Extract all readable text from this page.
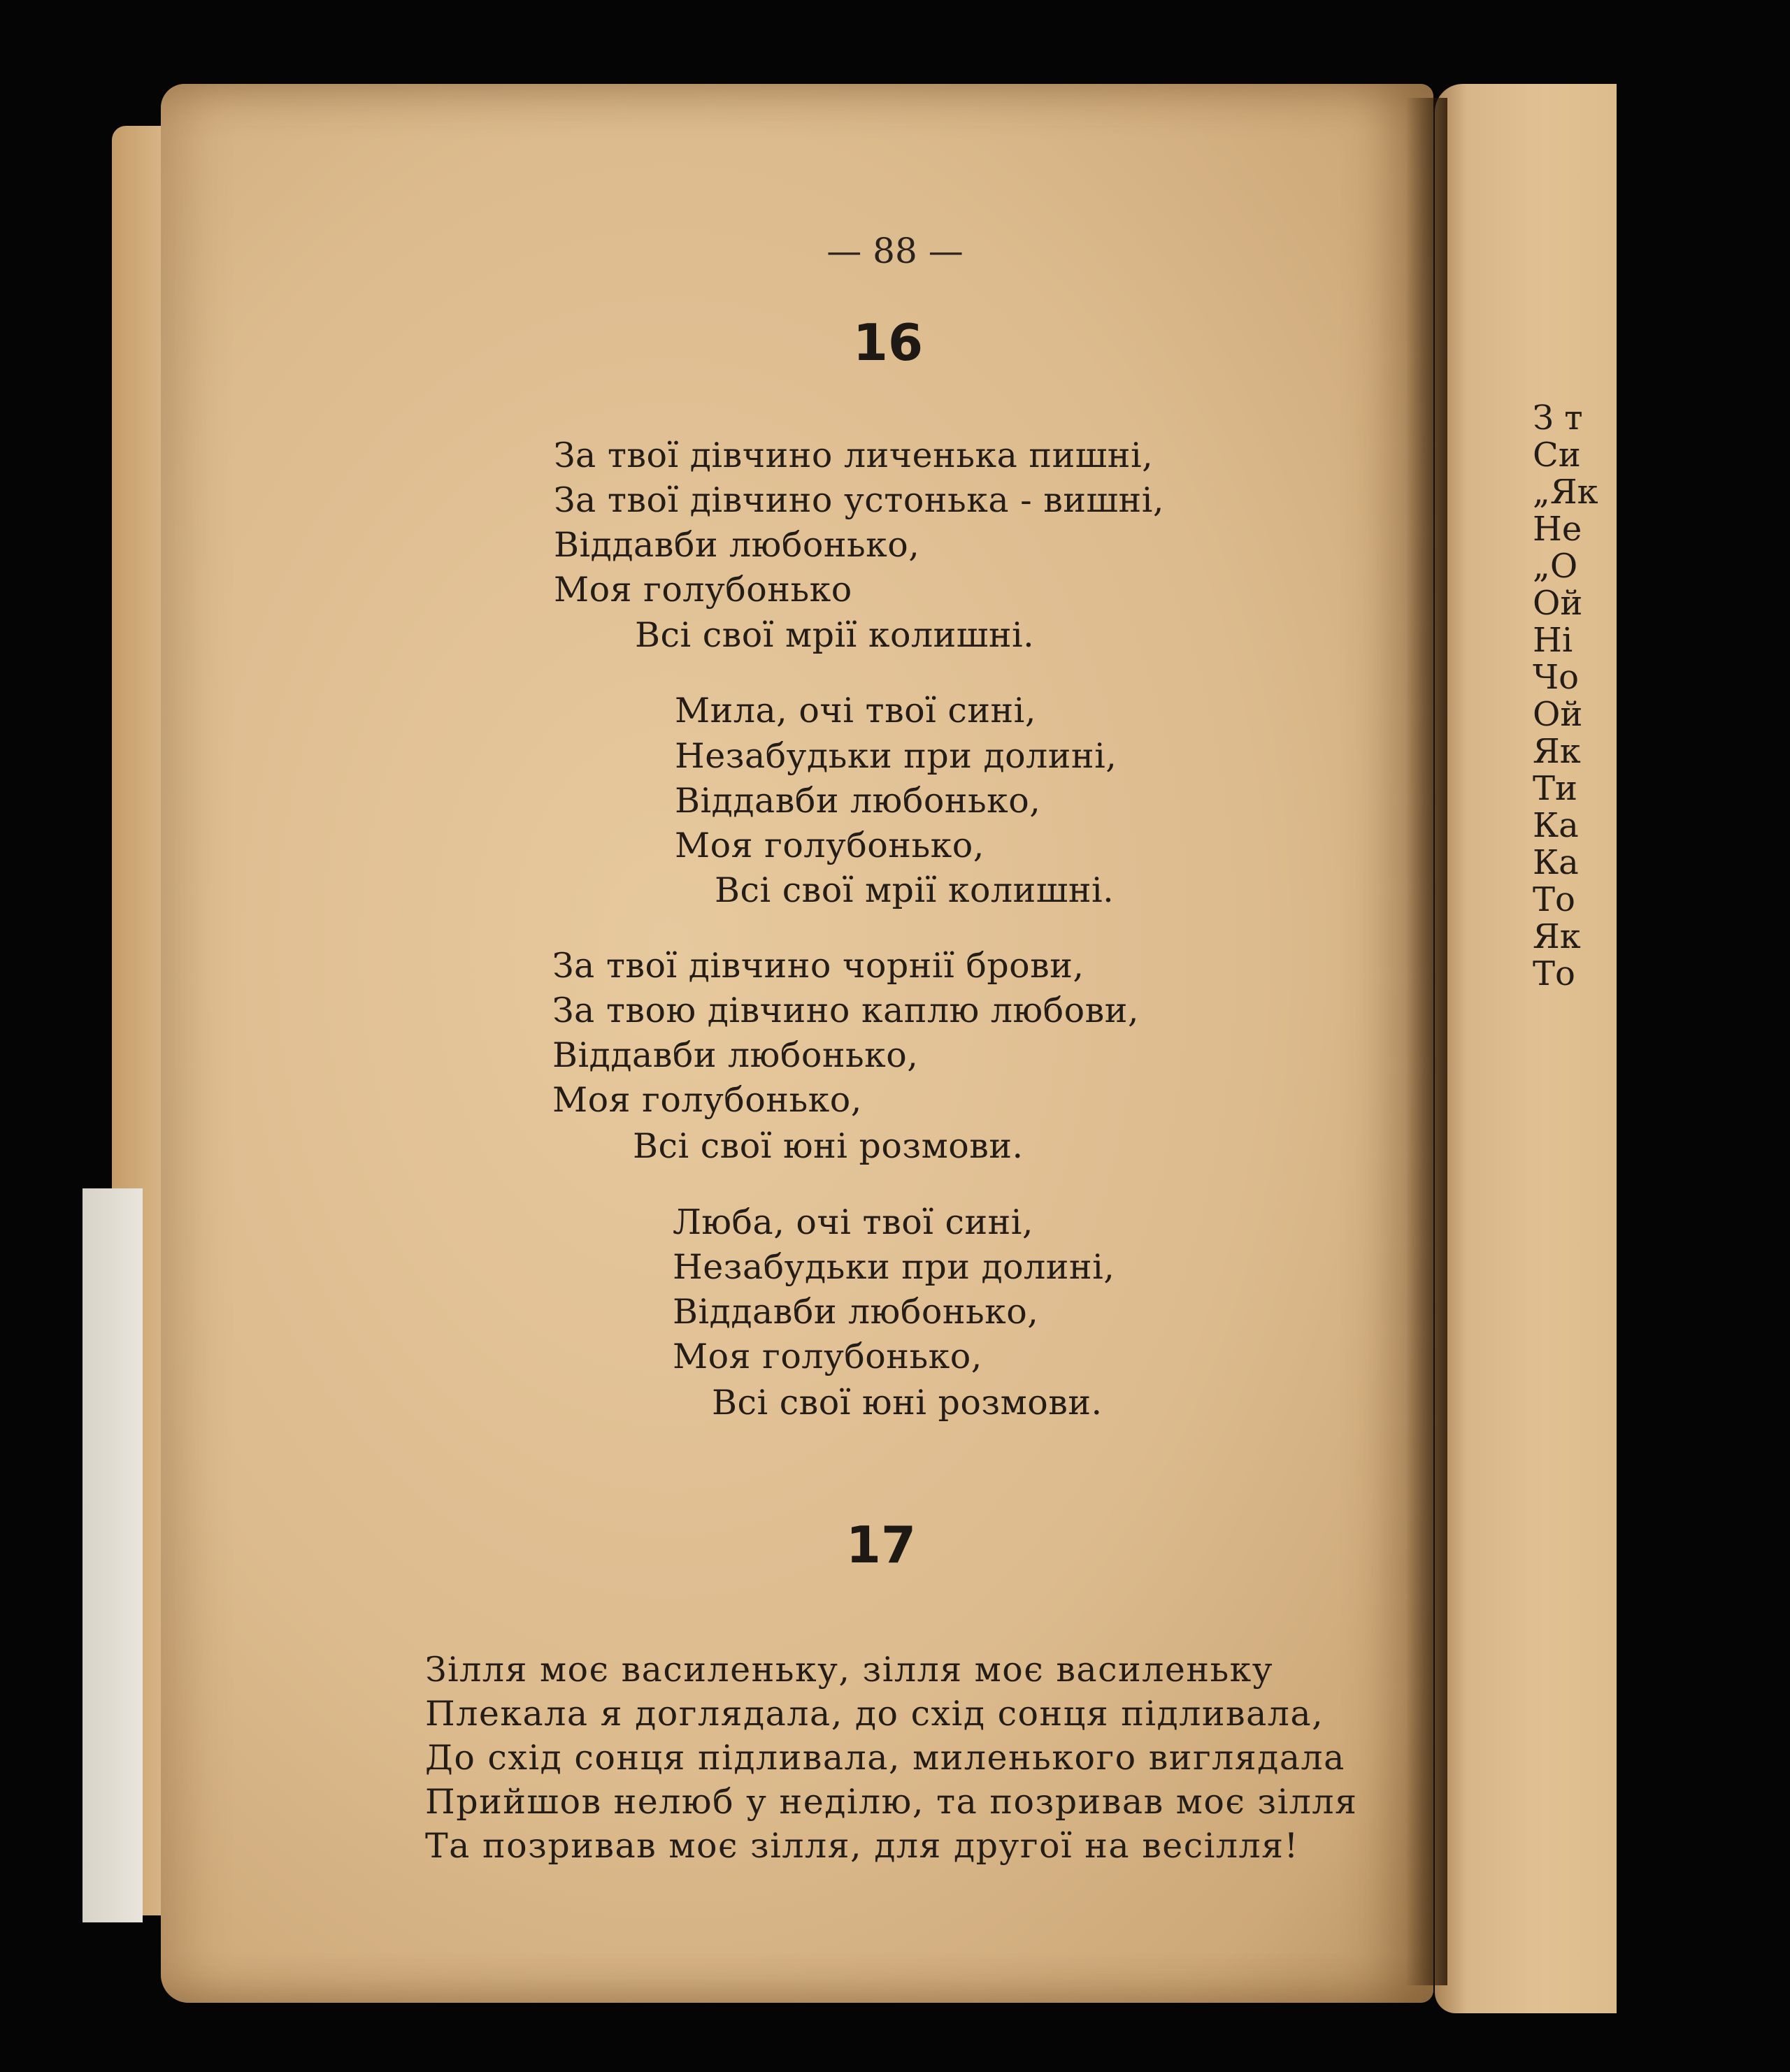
— 88 —
16
За твої дівчино личенька пишні,
За твої дівчино устонька - вишні,
Віддавби любонько,
Моя голубонько
Всі свої мрії колишні.
Мила, очі твої сині,
Незабудьки при долині,
Віддавби любонько,
Моя голубонько,
Всі свої мрії колишні.
За твої дівчино чорнії брови,
За твою дівчино каплю любови,
Віддавби любонько,
Моя голубонько,
Всі свої юні розмови.
Люба, очі твої сині,
Незабудьки при долині,
Віддавби любонько,
Моя голубонько,
Всі свої юні розмови.
17
Зілля моє василеньку, зілля моє василеньку
Плекала я доглядала, до схід сонця підливала,
До схід сонця підливала, миленького виглядала
Прийшов нелюб у неділю, та позривав моє зілля
Та позривав моє зілля, для другої на весілля!
З т
Си
„Як
Не
„О
Ой
Ні
Чо
Ой
Як
Ти
Ка
Ка
То
Як
То
